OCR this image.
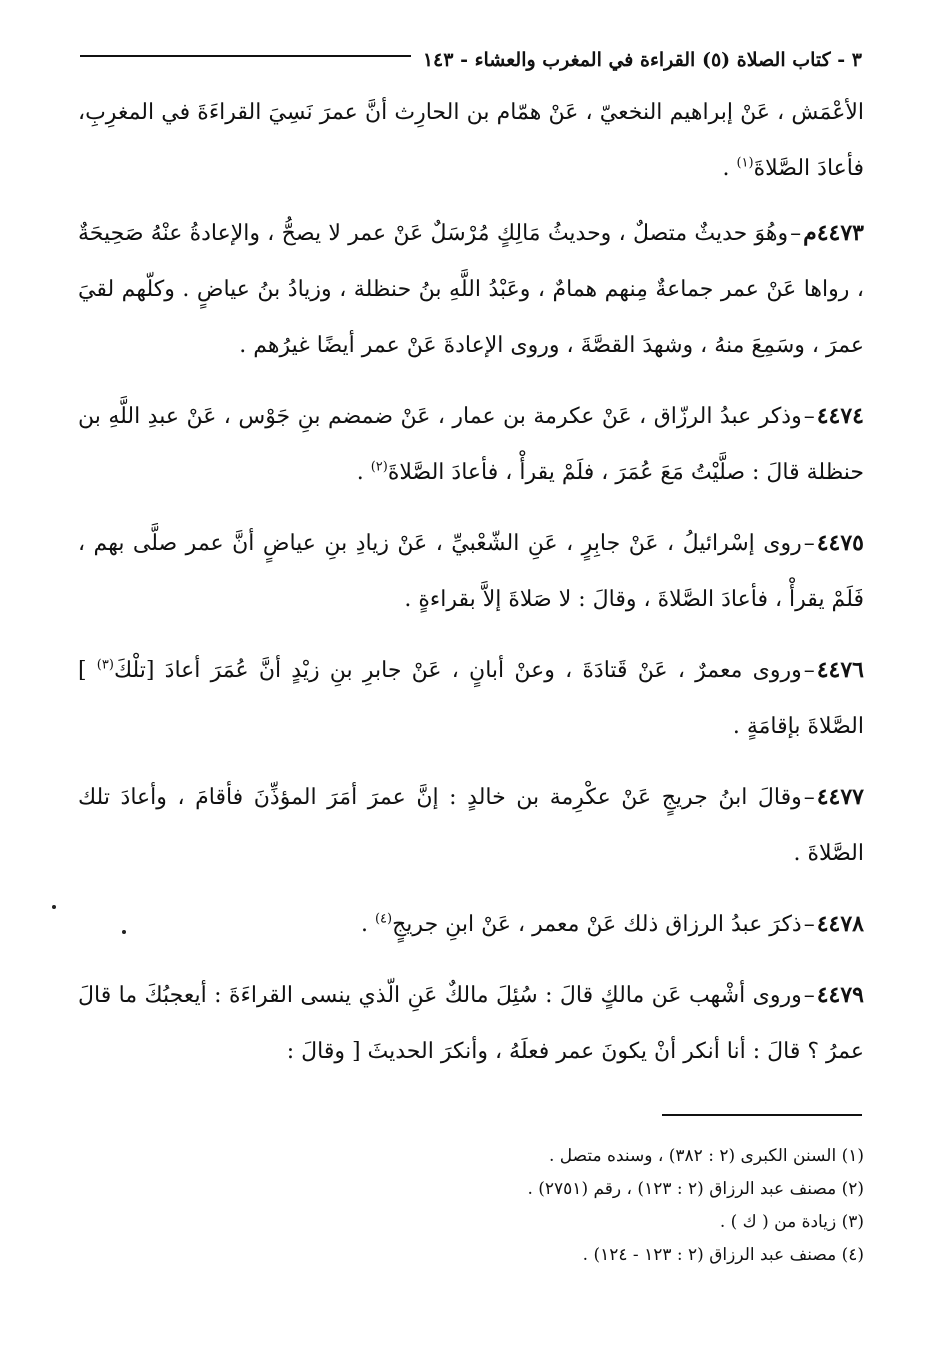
٣ - كتاب الصلاة (٥) القراءة في المغرب والعشاء - ١٤٣

الأعْمَش ، عَنْ إبراهيم النخعيّ ، عَنْ همّام بن الحارِث أنَّ عمرَ نَسِيَ القراءَةَ في المغرِبِ، فأعادَ الصَّلاةَ$^{(١)}$ .

٤٤٧٣م–وهُوَ حديثٌ متصلٌ ، وحديثُ مَالِكٍ مُرْسَلٌ عَنْ عمر لا يصحُّ ، والإعادةُ عنْهُ صَحِيحَةٌ ، رواها عَنْ عمر جماعةٌ مِنهم همامٌ ، وعَبْدُ اللَّهِ بنُ حنظلة ، وزيادُ بنُ عياضٍ . وكلّهم لقيَ عمرَ ، وسَمِعَ منهُ ، وشهدَ القصَّةَ ، وروى الإعادةَ عَنْ عمر أيضًا غيرُهم .

٤٤٧٤–وذكر عبدُ الرزّاق ، عَنْ عكرمة بن عمار ، عَنْ ضمضم بنِ جَوْس ، عَنْ عبدِ اللَّهِ بن حنظلة قالَ : صلَّيْتُ مَعَ عُمَرَ ، فلَمْ يقرأْ ، فأعادَ الصَّلاةَ$^{(٢)}$ .

٤٤٧٥–روى إسْرائيلُ ، عَنْ جابِرٍ ، عَنِ الشّعْبيِّ ، عَنْ زيادِ بنِ عياضٍ أنَّ عمر صلَّى بهم ، فَلَمْ يقرأْ ، فأعادَ الصَّلاةَ ، وقالَ : لا صَلاةَ إلاَّ بقراءةٍ .

٤٤٧٦–وروى معمرٌ ، عَنْ قَتادَةَ ، وعنْ أبانٍ ، عَنْ جابرِ بنِ زيْدٍ أنَّ عُمَرَ أعادَ [تلْكَ$^{(٣)}$ ] الصَّلاةَ بإقامَةٍ .

٤٤٧٧–وقالَ ابنُ جريجٍ عَنْ عكْرِمة بن خالدٍ : إنَّ عمرَ أمَرَ المؤذِّنَ فأقامَ ، وأعادَ تلك الصَّلاةَ .

٤٤٧٨–ذكرَ عبدُ الرزاق ذلك عَنْ معمر ، عَنْ ابنِ جريجٍ$^{(٤)}$ .

٤٤٧٩–وروى أشْهب عَن مالكٍ قالَ : سُئِلَ مالكٌ عَنِ الّذي ينسى القراءَةَ : أيعجبُكَ ما قالَ عمرُ ؟ قالَ : أنا أنكر أنْ يكونَ عمر فعلَهُ ، وأنكرَ الحديثَ [ وقالَ :

(١) السنن الكبرى (٢ : ٣٨٢) ، وسنده متصل .

(٢) مصنف عبد الرزاق (٢ : ١٢٣) ، رقم (٢٧٥١) .

(٣) زيادة من ( ك ) .

(٤) مصنف عبد الرزاق (٢ : ١٢٣ - ١٢٤) .
